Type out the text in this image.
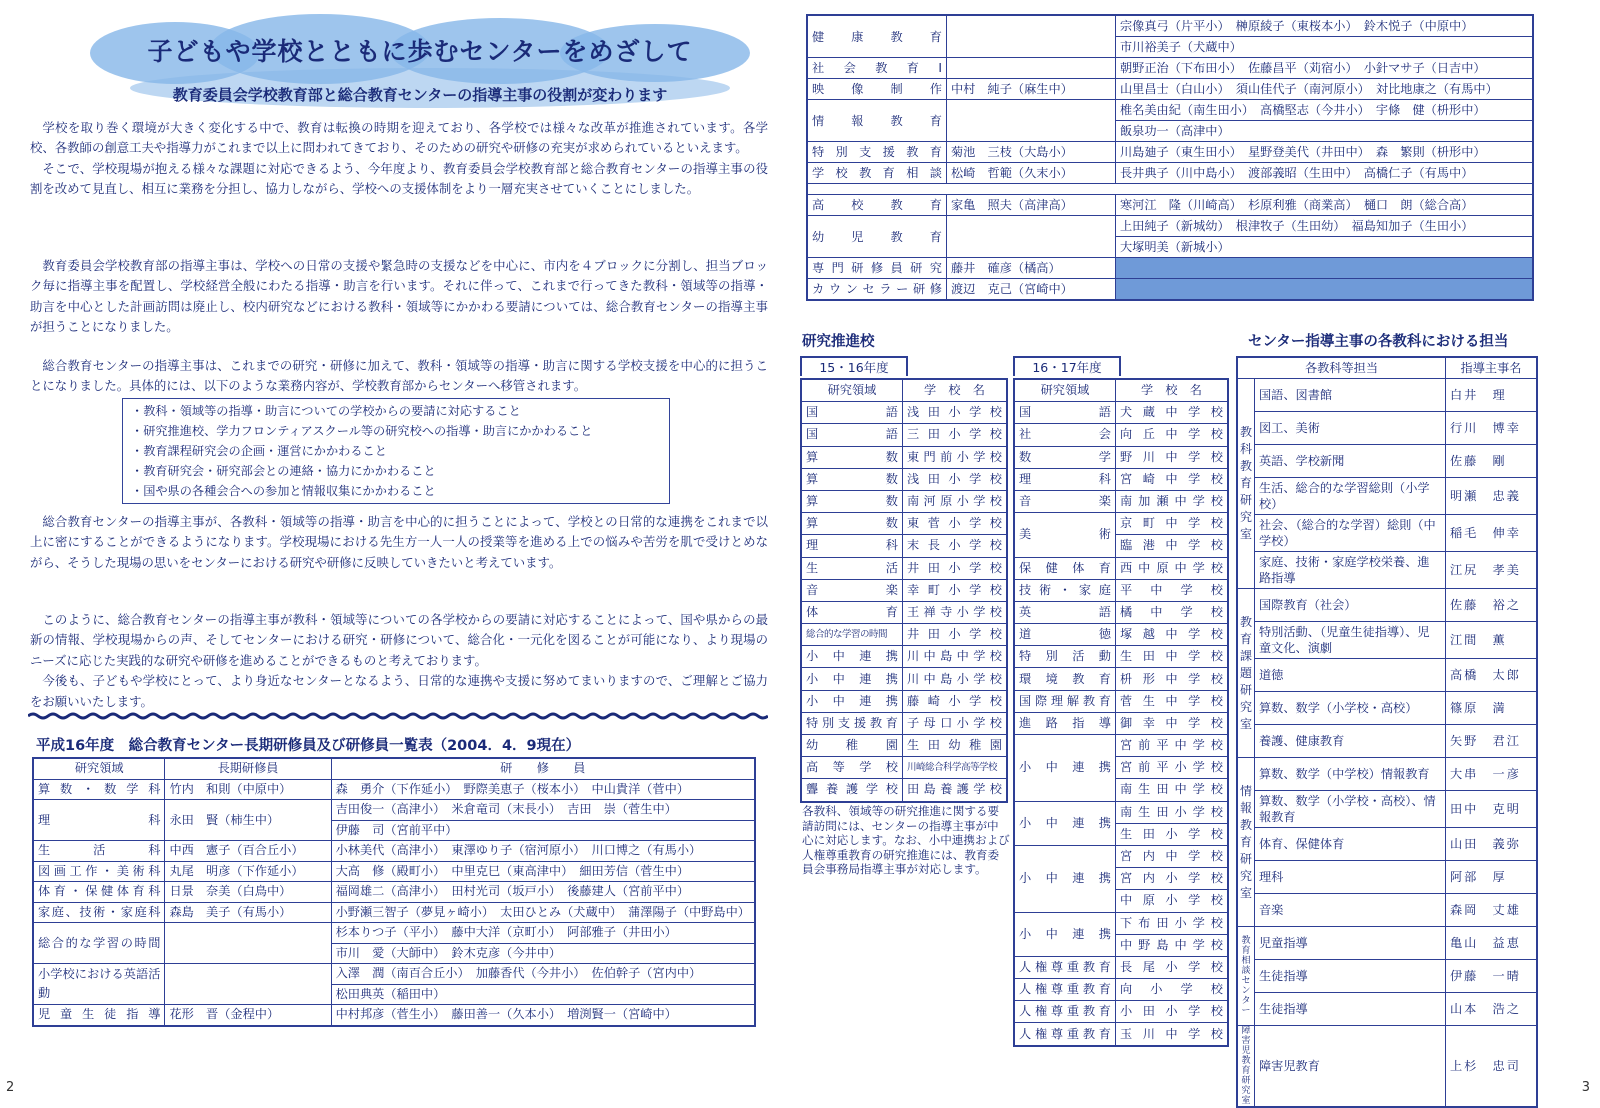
子どもや学校とともに歩むセンターをめざして
教育委員会学校教育部と総合教育センターの指導主事の役割が変わります

学校を取り巻く環境が大きく変化する中で、教育は転換の時期を迎えており、各学校では様々な改革が推進されています。各学校、各教師の創意工夫や指導力がこれまで以上に問われてきており、そのための研究や研修の充実が求められているといえます。

そこで、学校現場が抱える様々な課題に対応できるよう、今年度より、教育委員会学校教育部と総合教育センターの指導主事の役割を改めて見直し、相互に業務を分担し、協力しながら、学校への支援体制をより一層充実させていくことにしました。

教育委員会学校教育部の指導主事は、学校への日常の支援や緊急時の支援などを中心に、市内を４ブロックに分割し、担当ブロック毎に指導主事を配置し、学校経営全般にわたる指導・助言を行います。それに伴って、これまで行ってきた教科・領域等の指導・助言を中心とした計画訪問は廃止し、校内研究などにおける教科・領域等にかかわる要請については、総合教育センターの指導主事が担うことになりました。

総合教育センターの指導主事は、これまでの研究・研修に加えて、教科・領域等の指導・助言に関する学校支援を中心的に担うことになりました。具体的には、以下のような業務内容が、学校教育部からセンターへ移管されます。

・ 教科・領域等の指導・助言についての学校からの要請に対応すること
・ 研究推進校、学力フロンティアスクール等の研究校への指導・助言にかかわること
・ 教育課程研究会の企画・運営にかかわること
・ 教育研究会・研究部会との連絡・協力にかかわること
・ 国や県の各種会合への参加と情報収集にかかわること

総合教育センターの指導主事が、各教科・領域等の指導・助言を中心的に担うことによって、学校との日常的な連携をこれまで以上に密にすることができるようになります。学校現場における先生方一人一人の授業等を進める上での悩みや苦労を肌で受けとめながら、そうした現場の思いをセンターにおける研究や研修に反映していきたいと考えています。

このように、総合教育センターの指導主事が教科・領域等についての各学校からの要請に対応することによって、国や県からの最新の情報、学校現場からの声、そしてセンターにおける研究・研修について、総合化・一元化を図ることが可能になり、より現場のニーズに応じた実践的な研究や研修を進めることができるものと考えております。

今後も、子どもや学校にとって、より身近なセンターとなるよう、日常的な連携や支援に努めてまいりますので、ご理解とご協力をお願いいたします。

平成16年度　総合教育センター長期研修員及び研修員一覧表（2004．4．9現在）
研究領域	長期研修員	研　　修　　員
算数・数学科	竹内　和則（中原中）	森　勇介（下作延小）　野際美恵子（桜本小）　中山貴洋（菅中）
理　　　　科	永田　賢（柿生中）	吉田俊一（高津小）　米倉竜司（末長小）　吉田　崇（菅生中）
		伊藤　司（宮前平中）
生　活　科	中西　憲子（百合丘小）	小林美代（高津小）　東澤ゆり子（宿河原小）　川口博之（有馬小）
図画工作・美術科	丸尾　明彦（下作延小）	大高　修（殿町小）　中里克巳（東高津中）　細田芳信（菅生中）
体育・保健体育科	日景　奈美（白鳥中）	福岡雄二（高津小）　田村光司（坂戸小）　後藤建人（宮前平中）
家庭、技術・家庭科	森島　美子（有馬小）	小野瀬三智子（夢見ヶ崎小）　太田ひとみ（犬蔵中）　蒲澤陽子（中野島中）
総合的な学習の時間		杉本りつ子（平小）　藤中大洋（京町小）　阿部雅子（井田小）
		市川　愛（大師中）　鈴木克彦（今井中）
小学校における英語活動		入澤　潤（南百合丘小）　加藤香代（今井小）　佐伯幹子（宮内中）
		松田典英（稲田中）
児童生徒指導	花形　晋（金程中）	中村邦彦（菅生小）　藤田善一（久本小）　増渕賢一（宮崎中）
2
健　康　教　育		宗像真弓（片平小）　榊原綾子（東桜本小）　鈴木悦子（中原中）
		市川裕美子（犬蔵中）
社　会　教　育　Ⅰ		朝野正治（下布田小）　佐藤昌平（苅宿小）　小針マサ子（日吉中）
映　像　制　作	中村　純子（麻生中）	山里昌士（白山小）　須山佳代子（南河原小）　対比地康之（有馬中）
情　報　教　育		椎名美由紀（南生田小）　高橋堅志（今井小）　宇條　健（枡形中）
		飯泉功一（高津中）
特別支援教育	菊池　三枝（大島小）	川島廸子（東生田小）　星野登美代（井田中）　森　繁則（枡形中）
学校教育相談	松崎　哲範（久末小）	長井典子（川中島小）　渡部義昭（生田中）　高橋仁子（有馬中）

高　校　教　育	家亀　照夫（高津高）	寒河江　隆（川崎高）　杉原利雅（商業高）　樋口　朗（総合高）
幼　児　教　育		上田純子（新城幼）　根津牧子（生田幼）　福島知加子（生田小）
		大塚明美（新城小）
専門研修員研究	藤井　確彦（橘高）	
カウンセラー研修	渡辺　克己（宮崎中）	
研究推進校	センター指導主事の各教科における担当
15・16年度	16・17年度
研究領域	学　校　名
国語	浅田小学校
国語	三田小学校
算数	東門前小学校
算数	浅田小学校
算数	南河原小学校
算数	東菅小学校
理科	末長小学校
生活	井田小学校
音楽	幸町小学校
体育	王禅寺小学校
総合的な学習の時間	井田小学校
小中連携	川中島中学校
小中連携	川中島小学校
小中連携	藤崎小学校
特別支援教育	子母口小学校
幼稚園	生田幼稚園
高等学校	川崎総合科学高等学校
聾養護学校	田島養護学校
各教科、領域等の研究推進に関する要請訪問には、センターの指導主事が中心に対応します。なお、小中連携および人権尊重教育の研究推進には、教育委員会事務局指導主事が対応します。
研究領域	学　校　名
国語	犬蔵中学校
社会	向丘中学校
数学	野川中学校
理科	宮崎中学校
音楽	南加瀬中学校
美術	京町中学校
	臨港中学校
保健体育	西中原中学校
技術・家庭	平中学校
英語	橘中学校
道徳	塚越中学校
特別活動	生田中学校
環境教育	枡形中学校
国際理解教育	菅生中学校
進路指導	御幸中学校
小中連携	宮前平中学校
	宮前平小学校
	南生田中学校
小中連携	南生田小学校
	生田小学校
小中連携	宮内中学校
	宮内小学校
	中原小学校
小中連携	下布田小学校
	中野島中学校
人権尊重教育	長尾小学校
人権尊重教育	向小学校
人権尊重教育	小田小学校
人権尊重教育	玉川中学校
各教科等担当		指導主事名
教科教育研究室	国語、図書館	白井　理
	図工、美術	行川　博幸
	英語、学校新聞	佐藤　剛
	生活、総合的な学習総則（小学校）	明瀬　忠義
	社会、（総合的な学習）総則（中学校）	稲毛　伸幸
	家庭、技術・家庭学校栄養、進路指導	江尻　孝美
教育課題研究室	国際教育（社会）	佐藤　裕之
	特別活動、（児童生徒指導）、児童文化、演劇	江間　薫
	道徳	高橋　太郎
	算数、数学（小学校・高校）	篠原　満
	養護、健康教育	矢野　君江
情報教育研究室	算数、数学（中学校）情報教育	大串　一彦
	算数、数学（小学校・高校）、情報教育	田中　克明
	体育、保健体育	山田　義弥
	理科	阿部　厚
	音楽	森岡　丈雄
教育相談センター	児童指導	亀山　益恵
	生徒指導	伊藤　一晴
	生徒指導	山本　浩之
障害児教育研究室	障害児教育	上杉　忠司
3
